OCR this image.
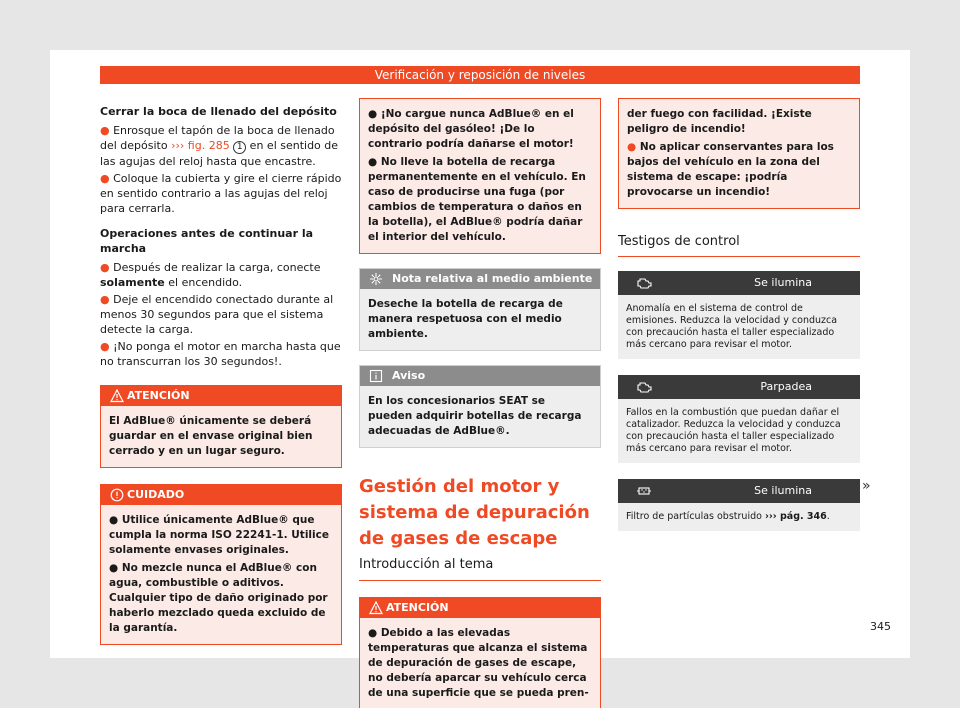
Verificación y reposición de niveles
Cerrar la boca de llenado del depósito
● Enrosque el tapón de la boca de llenado del depósito ››› fig. 285 1 en el sentido de las agujas del reloj hasta que encastre.
● Coloque la cubierta y gire el cierre rápido en sentido contrario a las agujas del reloj para cerrarla.
Operaciones antes de continuar la marcha
● Después de realizar la carga, conecte solamente el encendido.
● Deje el encendido conectado durante al menos 30 segundos para que el sistema detecte la carga.
● ¡No ponga el motor en marcha hasta que no transcurran los 30 segundos!.
ATENCIÓN
El AdBlue® únicamente se deberá guardar en el envase original bien cerrado y en un lugar seguro.
CUIDADO
● Utilice únicamente AdBlue® que cumpla la norma ISO 22241-1. Utilice solamente envases originales.
● No mezcle nunca el AdBlue® con agua, combustible o aditivos. Cualquier tipo de daño originado por haberlo mezclado queda excluido de la garantía.
● ¡No cargue nunca AdBlue® en el depósito del gasóleo! ¡De lo contrario podría dañarse el motor!
● No lleve la botella de recarga permanentemente en el vehículo. En caso de producirse una fuga (por cambios de temperatura o daños en la botella), el AdBlue® podría dañar el interior del vehículo.
Nota relativa al medio ambiente
Deseche la botella de recarga de manera respetuosa con el medio ambiente.
Aviso
En los concesionarios SEAT se pueden adquirir botellas de recarga adecuadas de AdBlue®.
Gestión del motor y sistema de depuración de gases de escape
Introducción al tema
ATENCIÓN
● Debido a las elevadas temperaturas que alcanza el sistema de depuración de gases de escape, no debería aparcar su vehículo cerca de una superficie que se pueda pren-
der fuego con facilidad. ¡Existe peligro de incendio!
● No aplicar conservantes para los bajos del vehículo en la zona del sistema de escape: ¡podría provocarse un incendio!
Testigos de control
Se ilumina
Anomalía en el sistema de control de emisiones. Reduzca la velocidad y conduzca con precaución hasta el taller especializado más cercano para revisar el motor.
Parpadea
Fallos en la combustión que puedan dañar el catalizador. Reduzca la velocidad y conduzca con precaución hasta el taller especializado más cercano para revisar el motor.
Se ilumina
Filtro de partículas obstruido ››› pág. 346.
»
345
